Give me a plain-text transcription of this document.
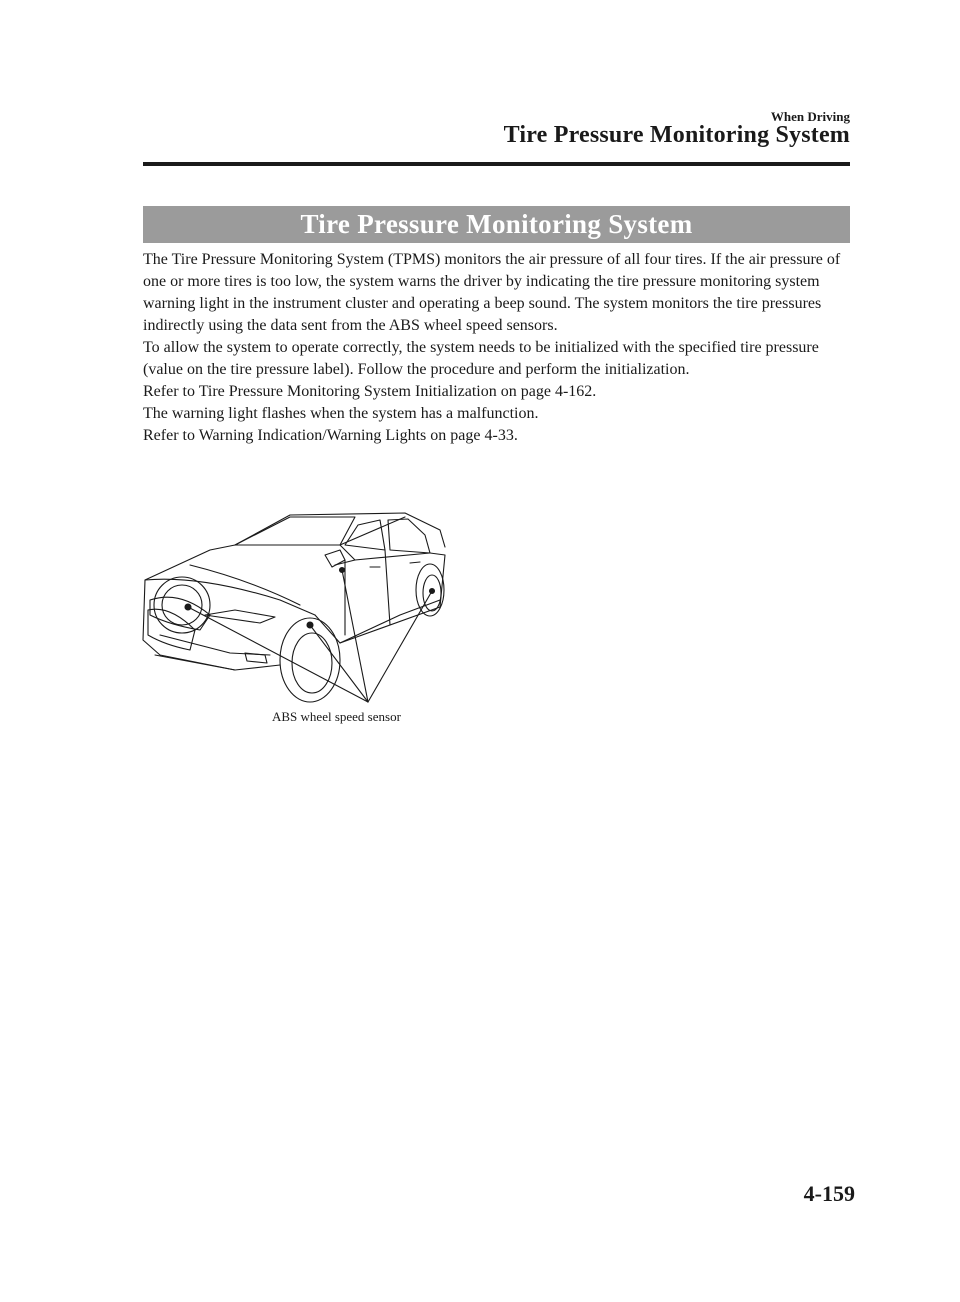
When Driving
Tire Pressure Monitoring System
Tire Pressure Monitoring System

The Tire Pressure Monitoring System (TPMS) monitors the air pressure of all four tires. If the air pressure of one or more tires is too low, the system warns the driver by indicating the tire pressure monitoring system warning light in the instrument cluster and operating a beep sound. The system monitors the tire pressures indirectly using the data sent from the ABS wheel speed sensors.

To allow the system to operate correctly, the system needs to be initialized with the specified tire pressure (value on the tire pressure label). Follow the procedure and perform the initialization.

Refer to Tire Pressure Monitoring System Initialization on page 4-162.

The warning light flashes when the system has a malfunction.

Refer to Warning Indication/Warning Lights on page 4-33.

ABS wheel speed sensor
4-159
